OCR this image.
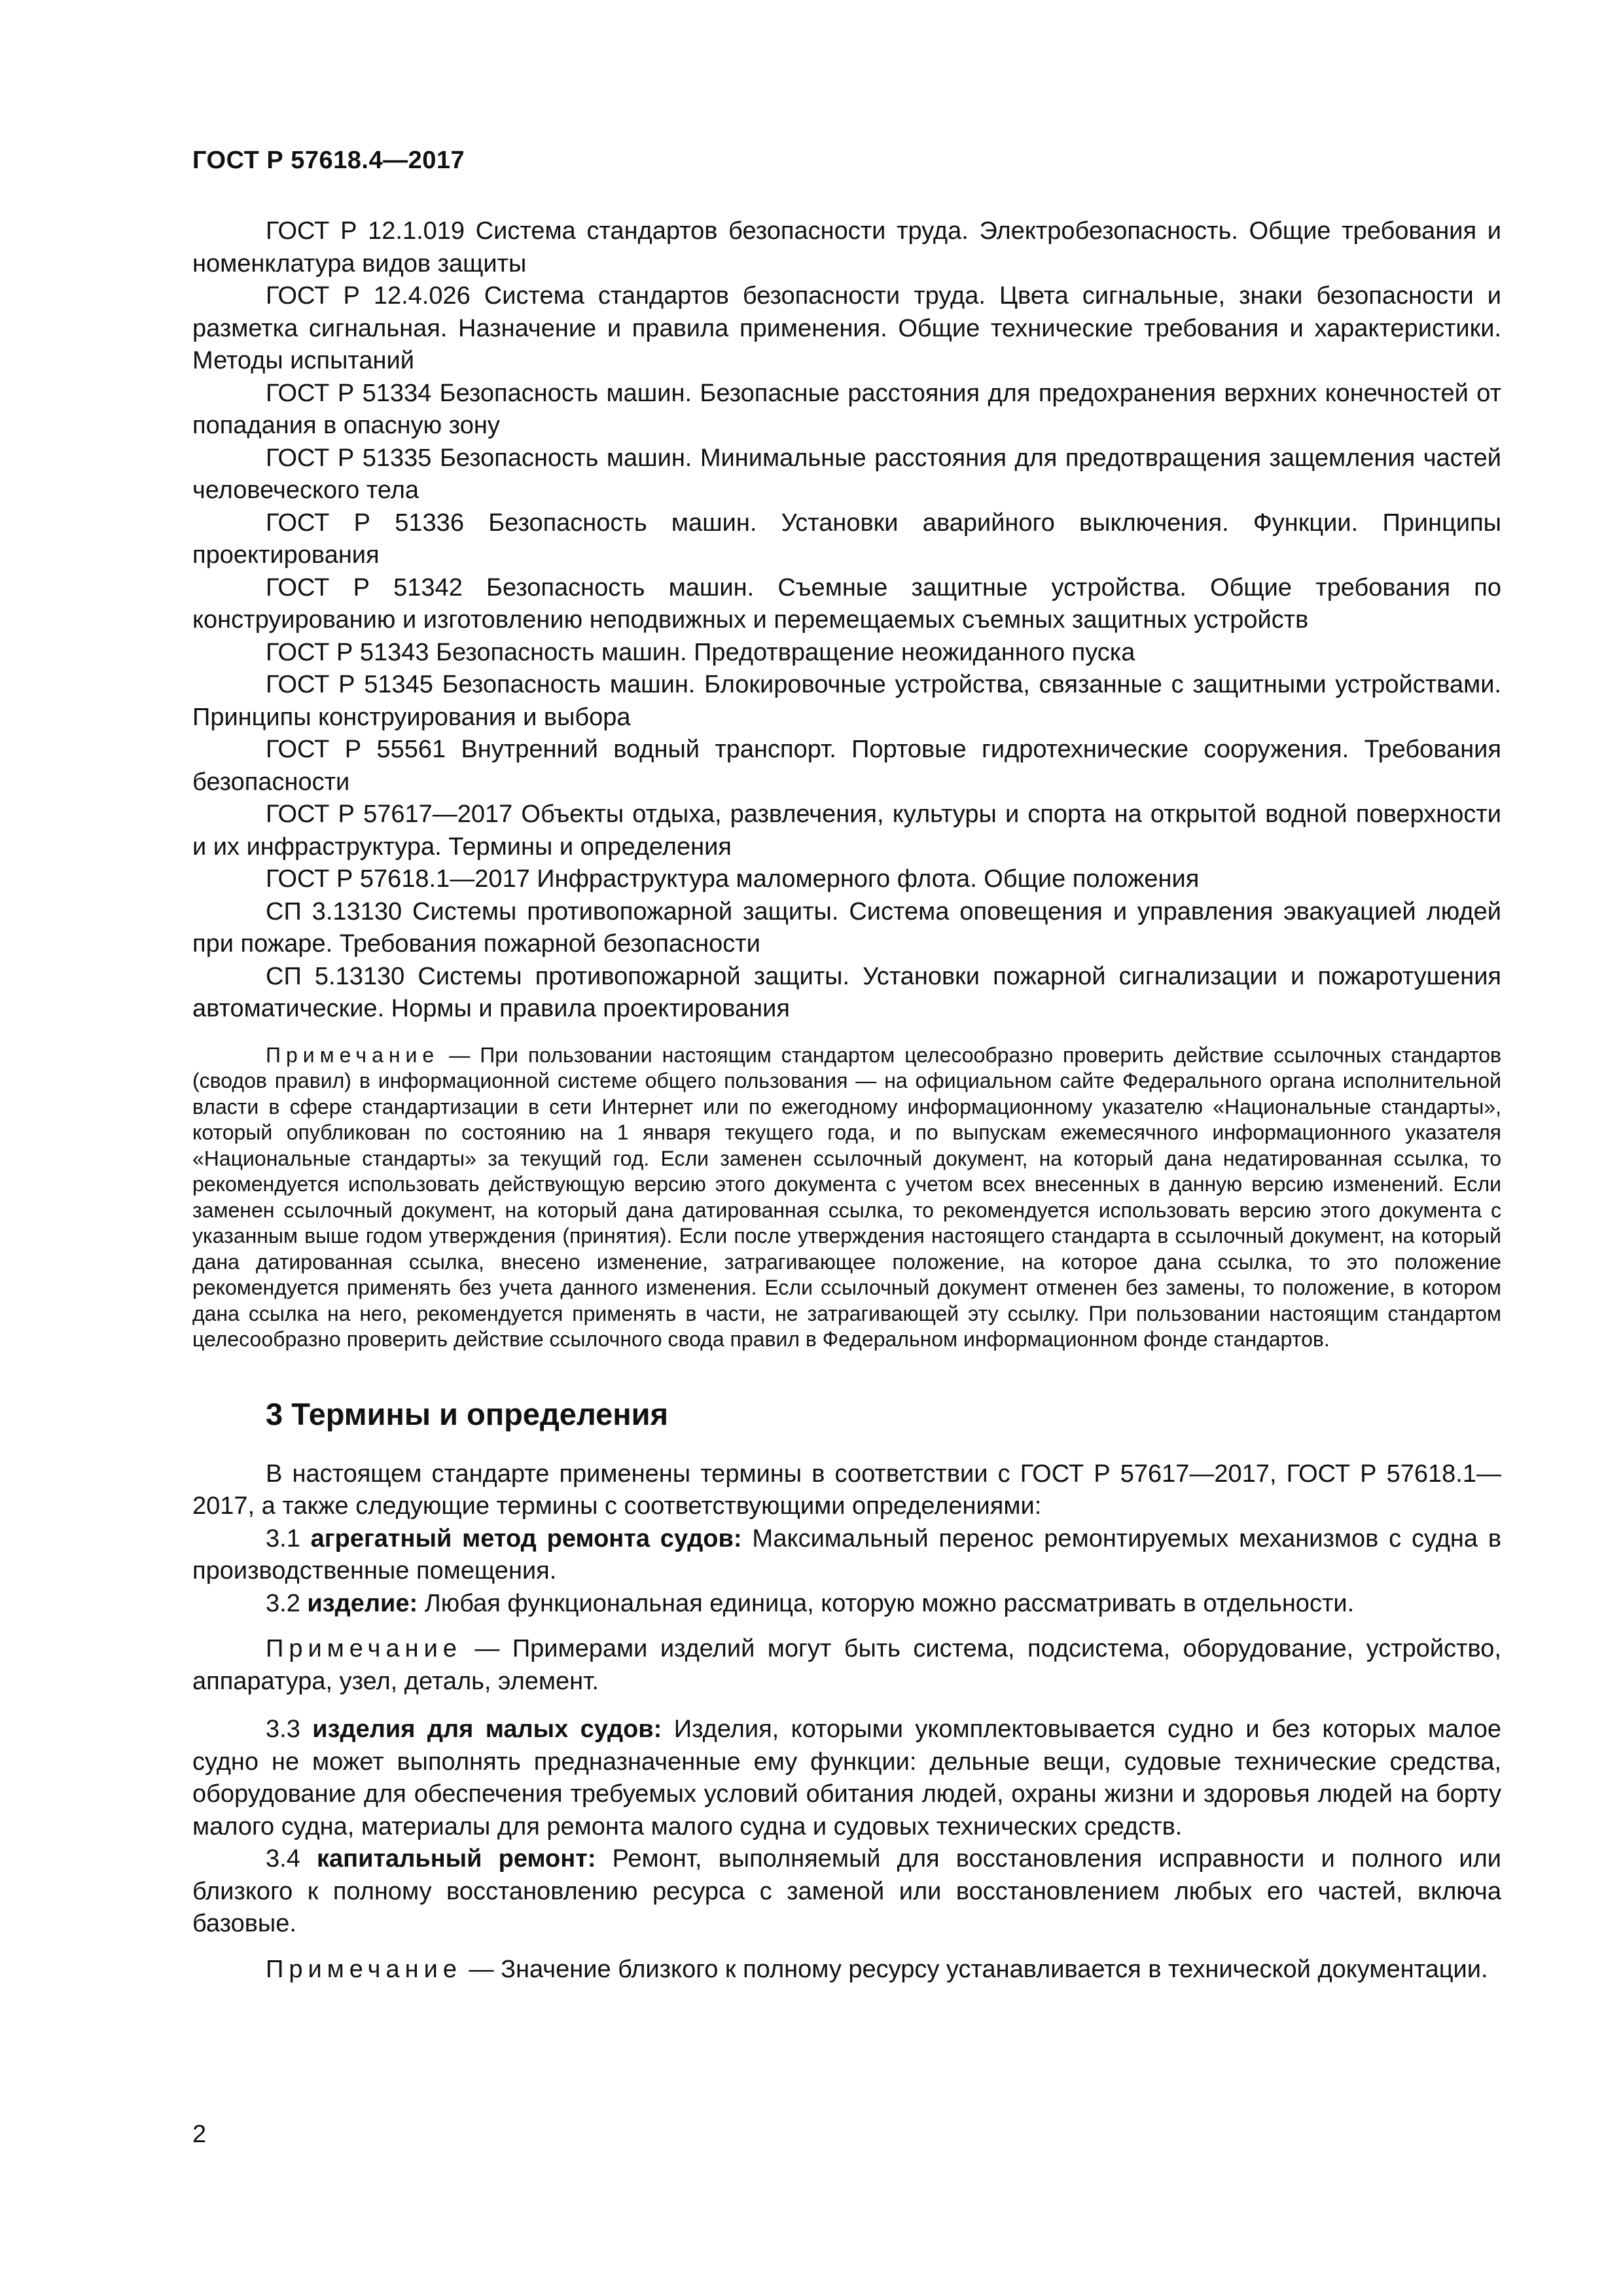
ГОСТ Р 57618.4—2017

ГОСТ Р 12.1.019 Система стандартов безопасности труда. Электробезопасность. Общие требования и номенклатура видов защиты

ГОСТ Р 12.4.026 Система стандартов безопасности труда. Цвета сигнальные, знаки безопасности и разметка сигнальная. Назначение и правила применения. Общие технические требования и характеристики. Методы испытаний

ГОСТ Р 51334 Безопасность машин. Безопасные расстояния для предохранения верхних конечностей от попадания в опасную зону

ГОСТ Р 51335 Безопасность машин. Минимальные расстояния для предотвращения защемления частей человеческого тела

ГОСТ Р 51336 Безопасность машин. Установки аварийного выключения. Функции. Принципы проектирования

ГОСТ Р 51342 Безопасность машин. Съемные защитные устройства. Общие требования по конструированию и изготовлению неподвижных и перемещаемых съемных защитных устройств

ГОСТ Р 51343 Безопасность машин. Предотвращение неожиданного пуска

ГОСТ Р 51345 Безопасность машин. Блокировочные устройства, связанные с защитными устройствами. Принципы конструирования и выбора

ГОСТ Р 55561 Внутренний водный транспорт. Портовые гидротехнические сооружения. Требования безопасности

ГОСТ Р 57617—2017 Объекты отдыха, развлечения, культуры и спорта на открытой водной поверхности и их инфраструктура. Термины и определения

ГОСТ Р 57618.1—2017 Инфраструктура маломерного флота. Общие положения

СП 3.13130 Системы противопожарной защиты. Система оповещения и управления эвакуацией людей при пожаре. Требования пожарной безопасности

СП 5.13130 Системы противопожарной защиты. Установки пожарной сигнализации и пожаротушения автоматические. Нормы и правила проектирования

Примечание — При пользовании настоящим стандартом целесообразно проверить действие ссылочных стандартов (сводов правил) в информационной системе общего пользования — на официальном сайте Федерального органа исполнительной власти в сфере стандартизации в сети Интернет или по ежегодному информационному указателю «Национальные стандарты», который опубликован по состоянию на 1 января текущего года, и по выпускам ежемесячного информационного указателя «Национальные стандарты» за текущий год. Если заменен ссылочный документ, на который дана недатированная ссылка, то рекомендуется использовать действующую версию этого документа с учетом всех внесенных в данную версию изменений. Если заменен ссылочный документ, на который дана датированная ссылка, то рекомендуется использовать версию этого документа с указанным выше годом утверждения (принятия). Если после утверждения настоящего стандарта в ссылочный документ, на который дана датированная ссылка, внесено изменение, затрагивающее положение, на которое дана ссылка, то это положение рекомендуется применять без учета данного изменения. Если ссылочный документ отменен без замены, то положение, в котором дана ссылка на него, рекомендуется применять в части, не затрагивающей эту ссылку. При пользовании настоящим стандартом целесообразно проверить действие ссылочного свода правил в Федеральном информационном фонде стандартов.

3 Термины и определения

В настоящем стандарте применены термины в соответствии с ГОСТ Р 57617—2017, ГОСТ Р 57618.1—2017, а также следующие термины с соответствующими определениями:

3.1 агрегатный метод ремонта судов: Максимальный перенос ремонтируемых механизмов с судна в производственные помещения.

3.2 изделие: Любая функциональная единица, которую можно рассматривать в отдельности.

Примечание — Примерами изделий могут быть система, подсистема, оборудование, устройство, аппаратура, узел, деталь, элемент.

3.3 изделия для малых судов: Изделия, которыми укомплектовывается судно и без которых малое судно не может выполнять предназначенные ему функции: дельные вещи, судовые технические средства, оборудование для обеспечения требуемых условий обитания людей, охраны жизни и здоровья людей на борту малого судна, материалы для ремонта малого судна и судовых технических средств.

3.4 капитальный ремонт: Ремонт, выполняемый для восстановления исправности и полного или близкого к полному восстановлению ресурса с заменой или восстановлением любых его частей, включа базовые.

Примечание — Значение близкого к полному ресурсу устанавливается в технической документации.

2
